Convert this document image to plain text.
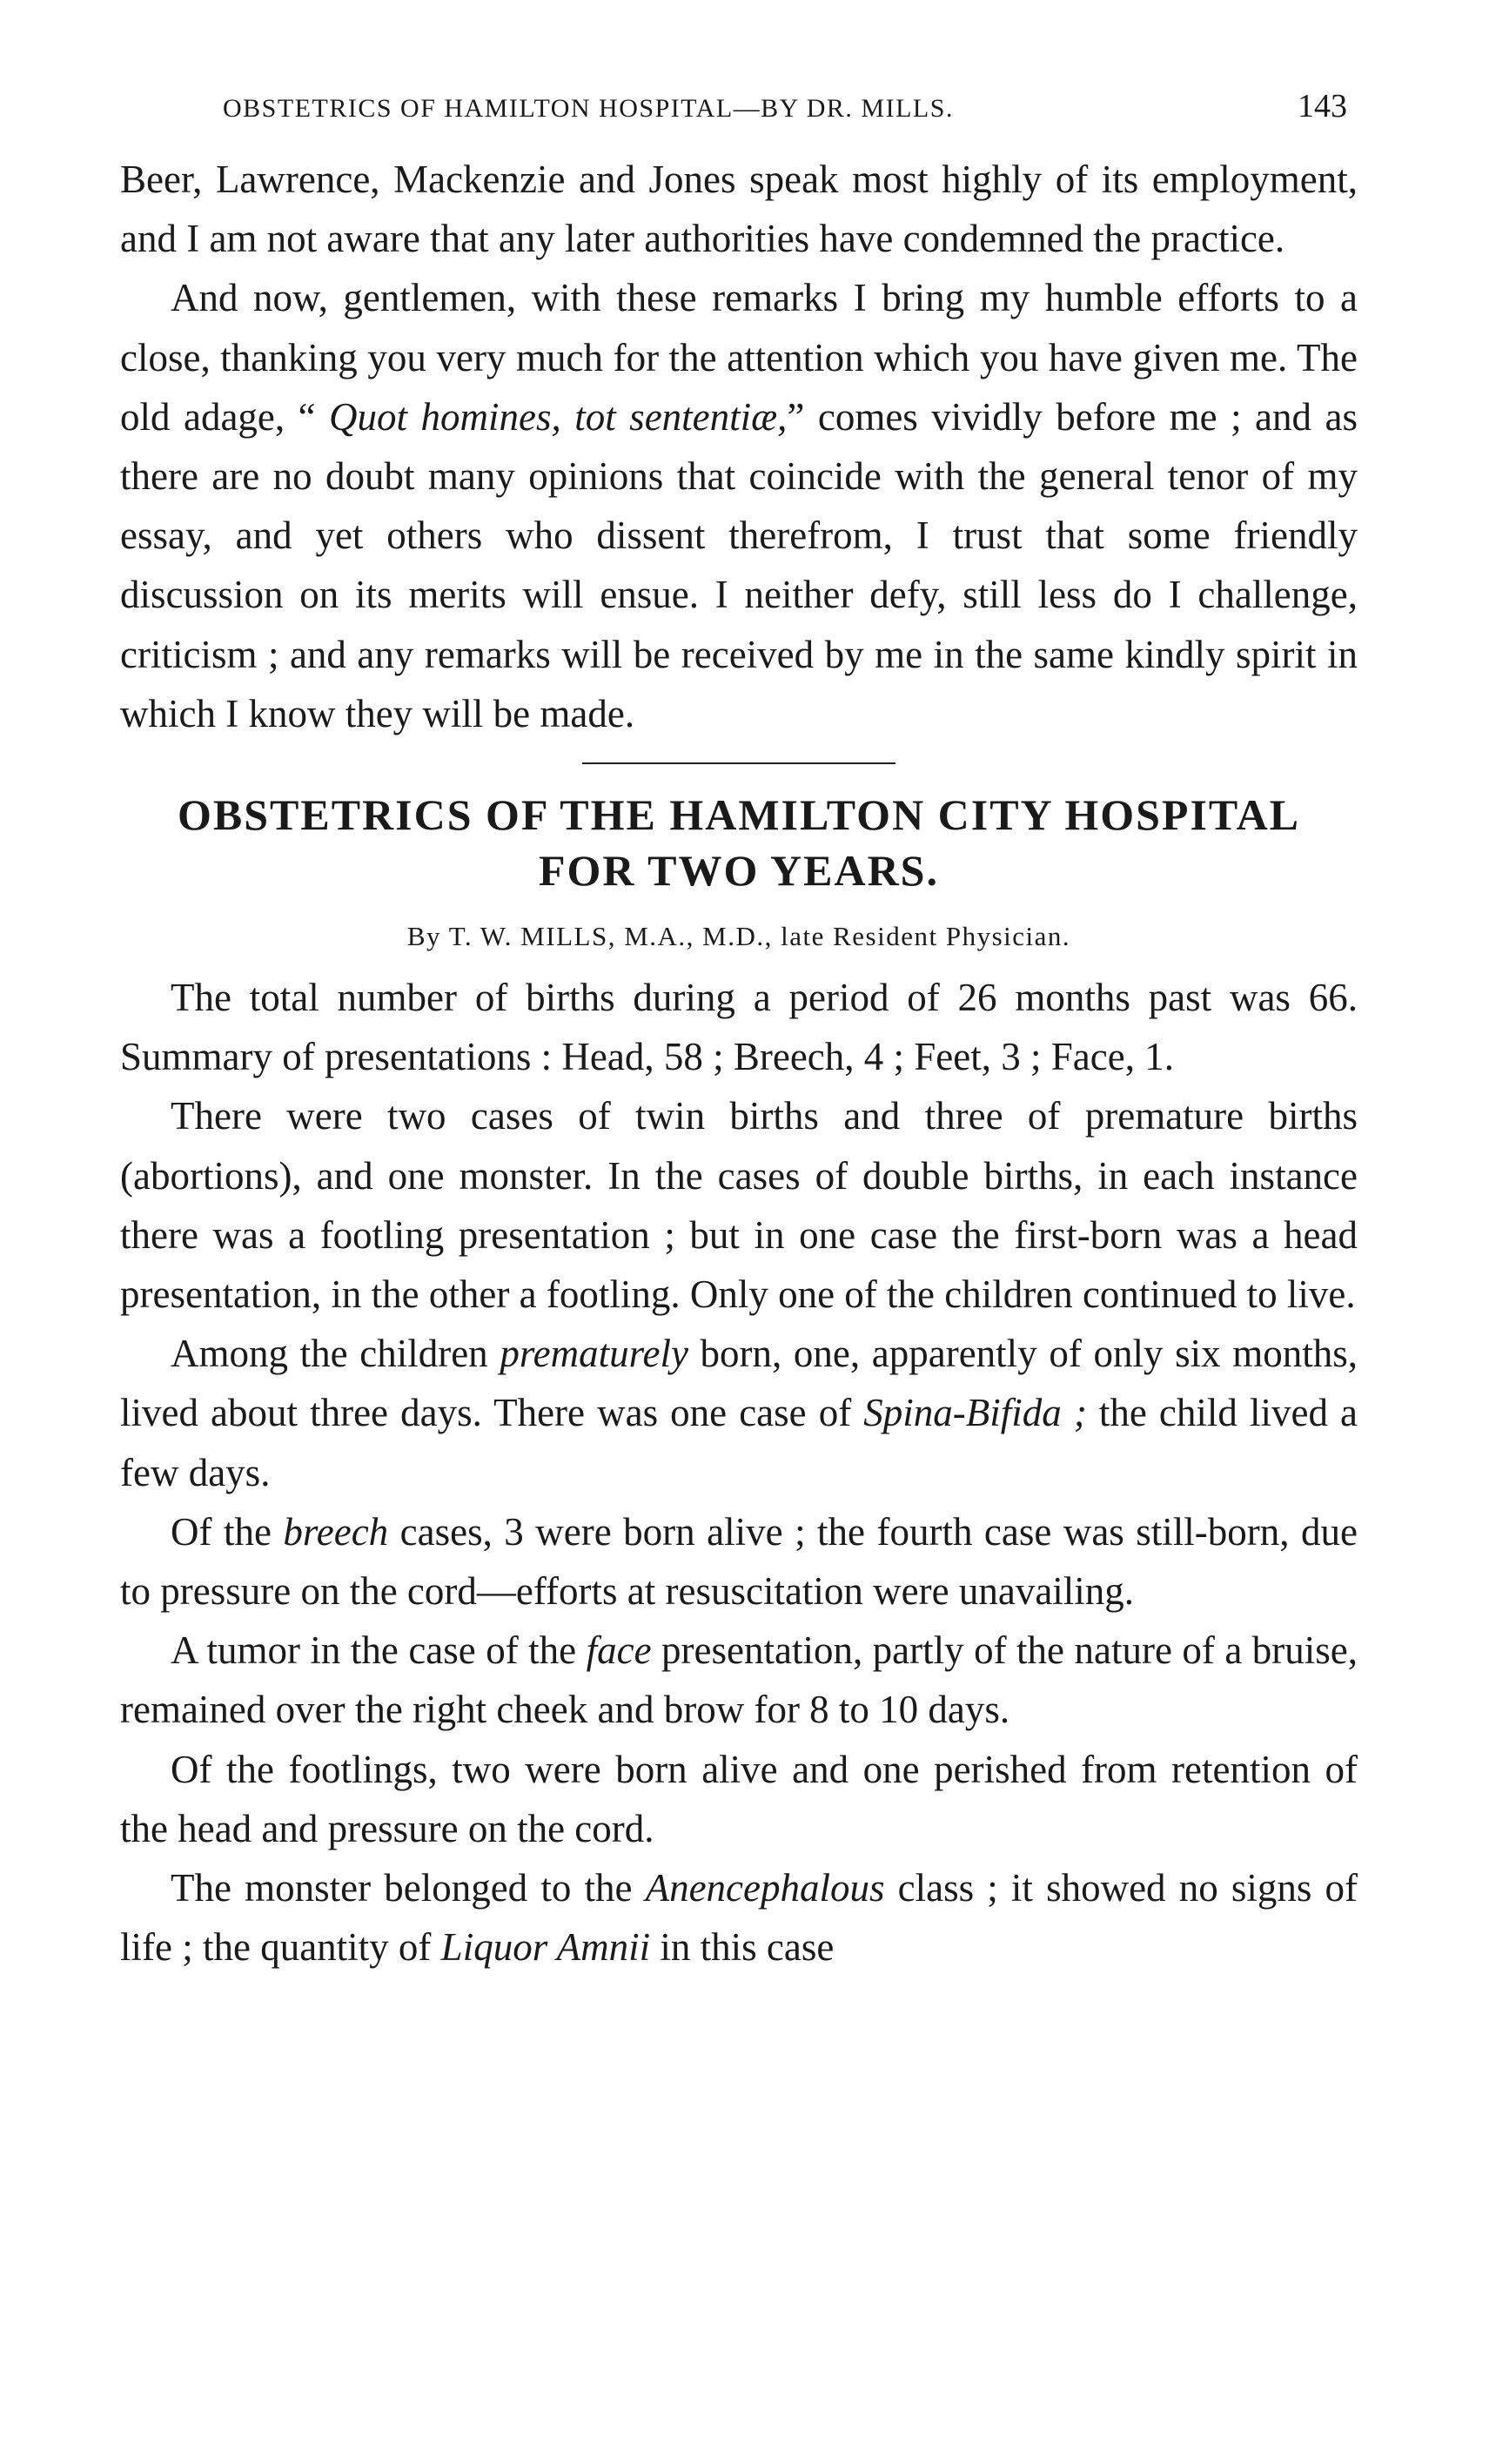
OBSTETRICS OF HAMILTON HOSPITAL—BY DR. MILLS.	143

Beer, Lawrence, Mackenzie and Jones speak most highly of its employment, and I am not aware that any later authorities have condemned the practice.

And now, gentlemen, with these remarks I bring my humble efforts to a close, thanking you very much for the attention which you have given me. The old adage, “ Quot homines, tot sententiæ,” comes vividly before me ; and as there are no doubt many opinions that coincide with the general tenor of my essay, and yet others who dissent therefrom, I trust that some friendly discussion on its merits will ensue. I neither defy, still less do I challenge, criticism ; and any remarks will be received by me in the same kindly spirit in which I know they will be made.

OBSTETRICS OF THE HAMILTON CITY HOSPITAL
FOR TWO YEARS.
By T. W. MILLS, M.A., M.D., late Resident Physician.

The total number of births during a period of 26 months past was 66. Summary of presentations : Head, 58 ; Breech, 4 ; Feet, 3 ; Face, 1.

There were two cases of twin births and three of premature births (abortions), and one monster. In the cases of double births, in each instance there was a footling presentation ; but in one case the first-born was a head presentation, in the other a footling. Only one of the children continued to live.

Among the children prematurely born, one, apparently of only six months, lived about three days. There was one case of Spina-Bifida ; the child lived a few days.

Of the breech cases, 3 were born alive ; the fourth case was still-born, due to pressure on the cord—efforts at resuscitation were unavailing.

A tumor in the case of the face presentation, partly of the nature of a bruise, remained over the right cheek and brow for 8 to 10 days.

Of the footlings, two were born alive and one perished from retention of the head and pressure on the cord.

The monster belonged to the Anencephalous class ; it showed no signs of life ; the quantity of Liquor Amnii in this case
